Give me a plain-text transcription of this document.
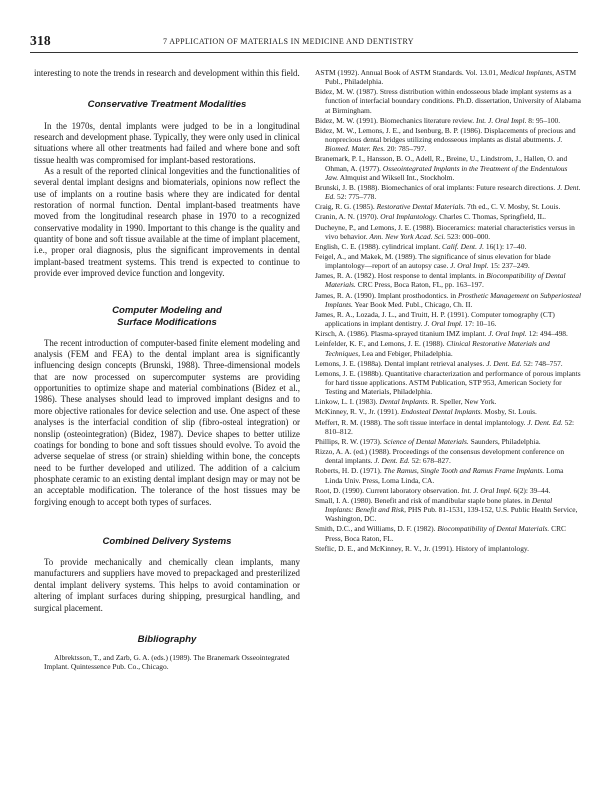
318	7 APPLICATION OF MATERIALS IN MEDICINE AND DENTISTRY

interesting to note the trends in research and development within this field.

Conservative Treatment Modalities

In the 1970s, dental implants were judged to be in a longitudinal research and development phase. Typically, they were only used in clinical situations where all other treatments had failed and where bone and soft tissue health was compromised for implant-based restorations.

As a result of the reported clinical longevities and the functionalities of several dental implant designs and biomaterials, opinions now reflect the use of implants on a routine basis where they are indicated for dental restoration of normal function. Dental implant-based treatments have moved from the longitudinal research phase in 1970 to a recognized conservative modality in 1990. Important to this change is the quality and quantity of bone and soft tissue available at the time of implant placement, i.e., proper oral diagnosis, plus the significant improvements in dental implant-based treatment systems. This trend is expected to continue to provide ever improved device function and longevity.

Computer Modeling and
Surface Modifications

The recent introduction of computer-based finite element modeling and analysis (FEM and FEA) to the dental implant area is significantly influencing design concepts (Brunski, 1988). Three-dimensional models that are now processed on supercomputer systems are providing opportunities to optimize shape and material combinations (Bidez et al., 1986). These analyses should lead to improved implant designs and to more objective rationales for device selection and use. One aspect of these analyses is the interfacial condition of slip (fibro-osteal integration) or nonslip (osteointegration) (Bidez, 1987). Device shapes to better utilize coatings for bonding to bone and soft tissues should evolve. To avoid the adverse sequelae of stress (or strain) shielding within bone, the concepts need to be further developed and utilized. The addition of a calcium phosphate ceramic to an existing dental implant design may or may not be an acceptable modification. The tolerance of the host tissues may be forgiving enough to accept both types of surfaces.

Combined Delivery Systems

To provide mechanically and chemically clean implants, many manufacturers and suppliers have moved to prepackaged and presterilized dental implant delivery systems. This helps to avoid contamination or altering of implant surfaces during shipping, presurgical handling, and surgical placement.

Bibliography

Albrektsson, T., and Zarb, G. A. (eds.) (1989). The Branemark Osseointegrated Implant. Quintessence Pub. Co., Chicago.

ASTM (1992). Annual Book of ASTM Standards. Vol. 13.01, Medical Implants, ASTM Publ., Philadelphia.

Bidez, M. W. (1987). Stress distribution within endosseous blade implant systems as a function of interfacial boundary conditions. Ph.D. dissertation, University of Alabama at Birmingham.

Bidez, M. W. (1991). Biomechanics literature review. Int. J. Oral Impl. 8: 95–100.

Bidez, M. W., Lemons, J. E., and Isenburg, B. P. (1986). Displacements of precious and nonprecious dental bridges utilizing endosseous implants as distal abutments. J. Biomed. Mater. Res. 20: 785–797.

Branemark, P. I., Hansson, B. O., Adell, R., Breine, U., Lindstrom, J., Hallen, O. and Ohman, A. (1977). Osseointegrated Implants in the Treatment of the Endentulous Jaw. Almquist and Wiksell Int., Stockholm.

Brunski, J. B. (1988). Biomechanics of oral implants: Future research directions. J. Dent. Ed. 52: 775–778.

Craig, R. G. (1985). Restorative Dental Materials. 7th ed., C. V. Mosby, St. Louis.

Cranin, A. N. (1970). Oral Implantology. Charles C. Thomas, Springfield, IL.

Ducheyne, P., and Lemons, J. E. (1988). Bioceramics: material characteristics versus in vivo behavior. Ann. New York Acad. Sci. 523: 000–000.

English, C. E. (1988). cylindrical implant. Calif. Dent. J. 16(1): 17–40.

Feigel, A., and Makek, M. (1989). The significance of sinus elevation for blade implantology—report of an autopsy case. J. Oral Impl. 15: 237–249.

James, R. A. (1982). Host response to dental implants. in Biocompatibility of Dental Materials. CRC Press, Boca Raton, FL, pp. 163–197.

James, R. A. (1990). Implant prosthodontics. in Prosthetic Management on Subperiosteal Implants. Year Book Med. Publ., Chicago, Ch. II.

James, R. A., Lozada, J. L., and Truitt, H. P. (1991). Computer tomography (CT) applications in implant dentistry. J. Oral Impl. 17: 10–16.

Kirsch, A. (1986). Plasma-sprayed titanium IMZ implant. J. Oral Impl. 12: 494–498.

Leinfelder, K. F., and Lemons, J. E. (1988). Clinical Restorative Materials and Techniques, Lea and Febiger, Philadelphia.

Lemons, J. E. (1988a). Dental implant retrieval analyses. J. Dent. Ed. 52: 748–757.

Lemons, J. E. (1988b). Quantitative characterization and performance of porous implants for hard tissue applications. ASTM Publication, STP 953, American Society for Testing and Materials, Philadelphia.

Linkow, L. I. (1983). Dental Implants. R. Speller, New York.

McKinney, R. V., Jr. (1991). Endosteal Dental Implants. Mosby, St. Louis.

Meffert, R. M. (1988). The soft tissue interface in dental implantology. J. Dent. Ed. 52: 810–812.

Phillips, R. W. (1973). Science of Dental Materials. Saunders, Philadelphia.

Rizzo, A. A. (ed.) (1988). Proceedings of the consensus development conference on dental implants. J. Dent. Ed. 52: 678–827.

Roberts, H. D. (1971). The Ramus, Single Tooth and Ramus Frame Implants. Loma Linda Univ. Press, Loma Linda, CA.

Root, D. (1990). Current laboratory observation. Int. J. Oral Impl. 6(2): 39–44.

Small, I. A. (1980). Benefit and risk of mandibular staple bone plates. in Dental Implants: Benefit and Risk, PHS Pub. 81-1531, 139-152, U.S. Public Health Service, Washington, DC.

Smith, D.C., and Williams, D. F. (1982). Biocompatibility of Dental Materials. CRC Press, Boca Raton, FL.

Steflic, D. E., and McKinney, R. V., Jr. (1991). History of implantology.
